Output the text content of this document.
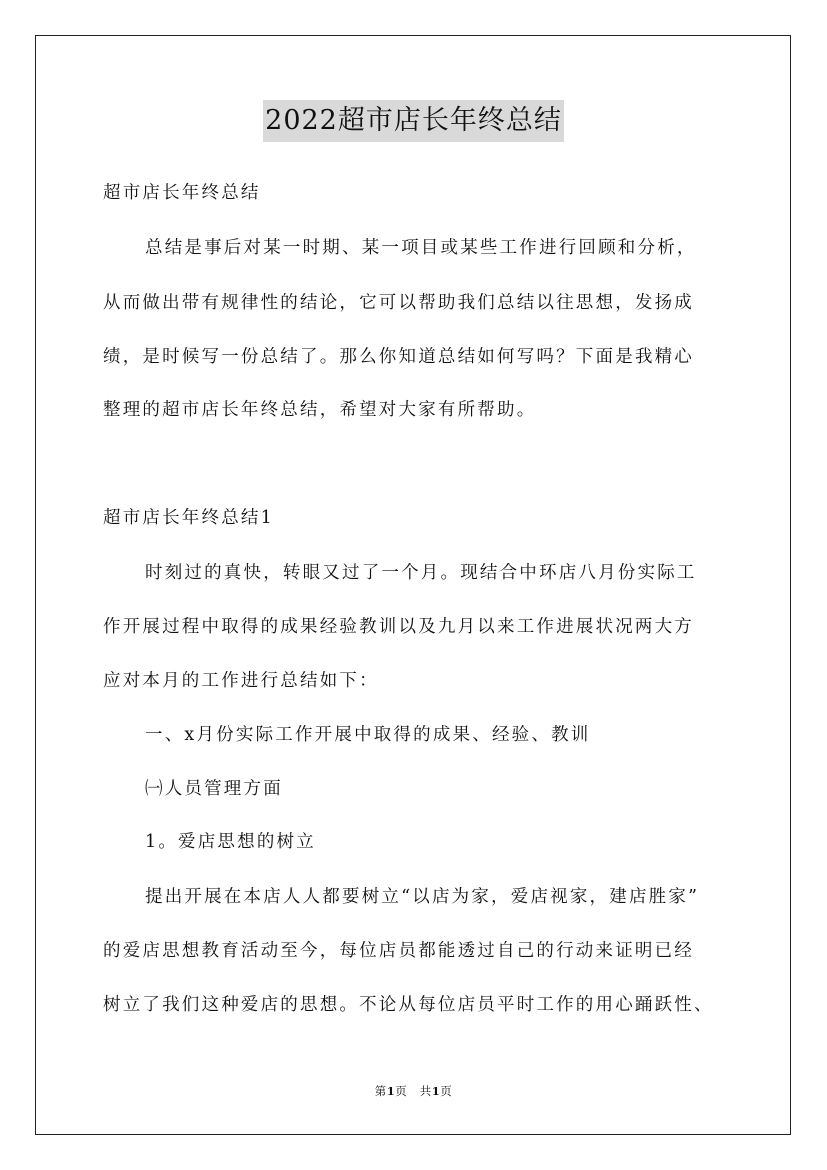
2022超市店长年终总结
超市店长年终总结
总结是事后对某一时期、某一项目或某些工作进行回顾和分析，
从而做出带有规律性的结论，它可以帮助我们总结以往思想，发扬成
绩，是时候写一份总结了。那么你知道总结如何写吗？下面是我精心
整理的超市店长年终总结，希望对大家有所帮助。
超市店长年终总结1
时刻过的真快，转眼又过了一个月。现结合中环店八月份实际工
作开展过程中取得的成果经验教训以及九月以来工作进展状况两大方
应对本月的工作进行总结如下：
一、x月份实际工作开展中取得的成果、经验、教训
㈠人员管理方面
1。爱店思想的树立
提出开展在本店人人都要树立“以店为家，爱店视家，建店胜家”
的爱店思想教育活动至今，每位店员都能透过自己的行动来证明已经
树立了我们这种爱店的思想。不论从每位店员平时工作的用心踊跃性、
第1页 共1页
